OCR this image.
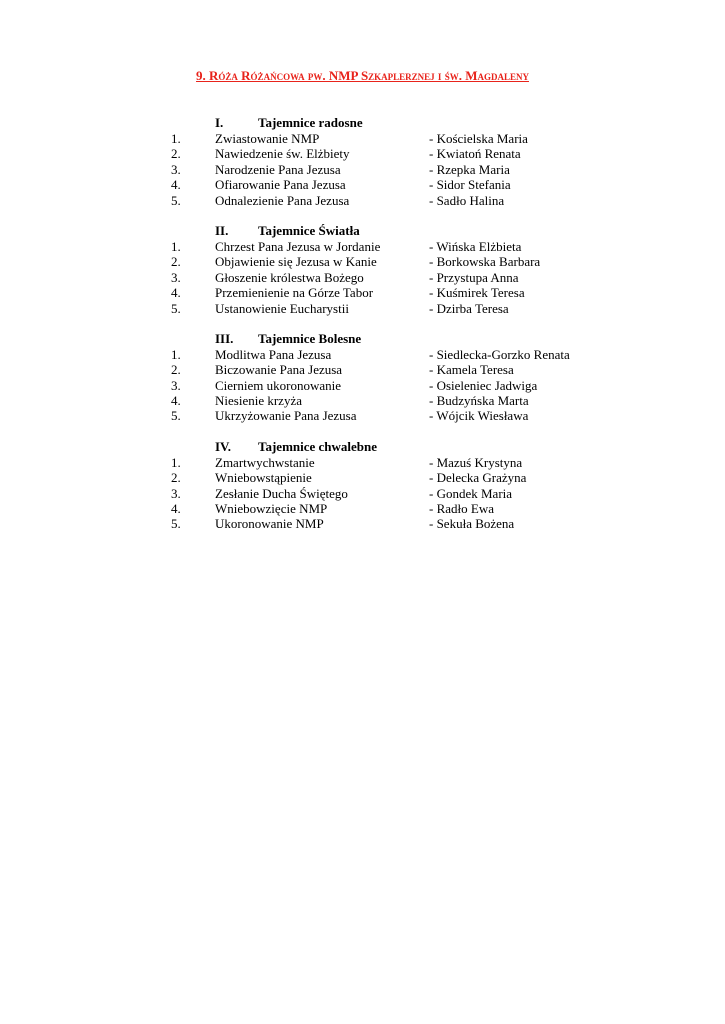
9. Róża Różańcowa pw. NMP Szkaplerznej i św. Magdaleny
I.	Tajemnice radosne
1.	Zwiastowanie NMP	- Kościelska Maria
2.	Nawiedzenie św. Elżbiety	- Kwiatoń Renata
3.	Narodzenie Pana Jezusa	- Rzepka Maria
4.	Ofiarowanie Pana Jezusa	- Sidor Stefania
5.	Odnalezienie Pana Jezusa	- Sadło Halina
II. Tajemnice Światła
1.	Chrzest Pana Jezusa w Jordanie	- Wińska Elżbieta
2.	Objawienie się Jezusa w Kanie	- Borkowska Barbara
3.	Głoszenie królestwa Bożego	- Przystupa Anna
4.	Przemienienie na Górze Tabor	- Kuśmirek Teresa
5.	Ustanowienie Eucharystii	- Dzirba Teresa
III. Tajemnice Bolesne
1.	Modlitwa Pana Jezusa	- Siedlecka-Gorzko Renata
2.	Biczowanie Pana Jezusa	- Kamela Teresa
3.	Cierniem ukoronowanie	- Osieleniec Jadwiga
4.	Niesienie krzyża	- Budzyńska Marta
5.	Ukrzyżowanie Pana Jezusa	- Wójcik Wiesława
IV. Tajemnice chwalebne
1.	Zmartwychwstanie	- Mazuś Krystyna
2.	Wniebowstąpienie	- Delecka Grażyna
3.	Zesłanie Ducha Świętego	- Gondek Maria
4.	Wniebowzięcie NMP	- Radło Ewa
5.	Ukoronowanie NMP	- Sekuła Bożena
